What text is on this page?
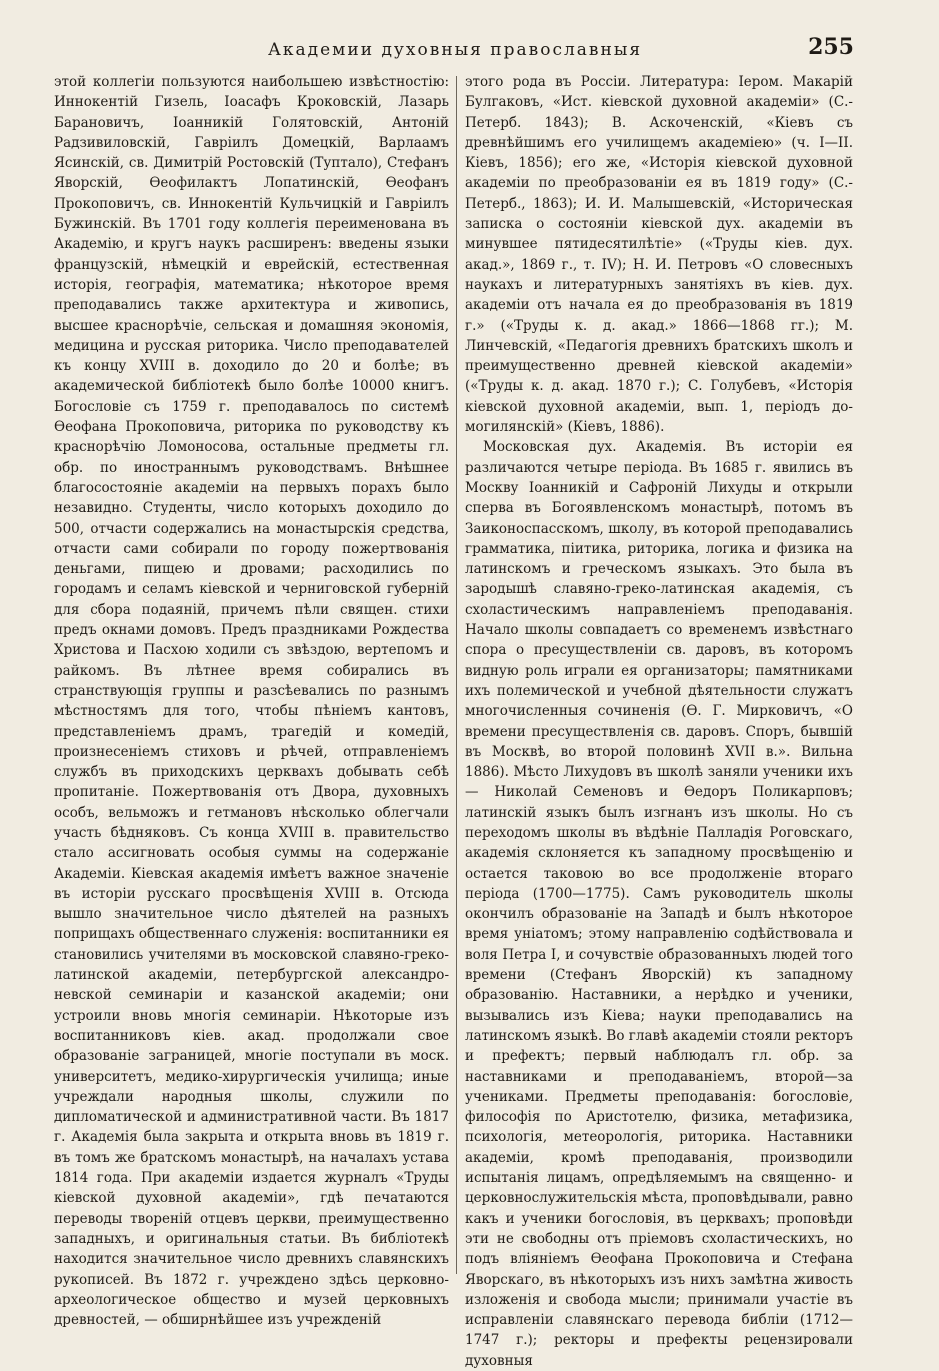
Академии духовныя православныя	255

этой коллегіи пользуются наибольшею извѣстностію: Иннокентій Гизель, Іоасафъ Кроковскій, Лазарь Барановичъ, Іоанникій Голятовскій, Антоній Радзивиловскій, Гавріилъ Домецкій, Варлаамъ Ясинскій, св. Димитрій Ростовскій (Туптало), Стефанъ Яворскій, Ѳеофилактъ Лопатинскій, Ѳеофанъ Прокоповичъ, св. Иннокентій Кульчицкій и Гавріилъ Бужинскій. Въ 1701 году коллегія переименована въ Академію, и кругъ наукъ расширенъ: введены языки французскій, нѣмецкій и еврейскій, естественная исторія, географія, математика; нѣкоторое время преподавались также архитектура и живопись, высшее краснорѣчіе, сельская и домашняя экономія, медицина и русская риторика. Число преподавателей къ концу XVIII в. доходило до 20 и болѣе; въ академической библіотекѣ было болѣе 10000 книгъ. Богословіе съ 1759 г. преподавалось по системѣ Ѳеофана Прокоповича, риторика по руководству къ краснорѣчію Ломоносова, остальные предметы гл. обр. по иностраннымъ руководствамъ. Внѣшнее благосостояніе академіи на первыхъ порахъ было незавидно. Студенты, число которыхъ доходило до 500, отчасти содержались на монастырскія средства, отчасти сами собирали по городу пожертвованія деньгами, пищею и дровами; расходились по городамъ и селамъ кіевской и черниговской губерній для сбора подаяній, причемъ пѣли священ. стихи предъ окнами домовъ. Предъ праздниками Рождества Христова и Пасхою ходили съ звѣздою, вертепомъ и райкомъ. Въ лѣтнее время собирались въ странствующія группы и разсѣевались по разнымъ мѣстностямъ для того, чтобы пѣніемъ кантовъ, представленіемъ драмъ, трагедій и комедій, произнесеніемъ стиховъ и рѣчей, отправленіемъ службъ въ приходскихъ церквахъ добывать себѣ пропитаніе. Пожертвованія отъ Двора, духовныхъ особъ, вельможъ и гетмановъ нѣсколько облегчали участь бѣдняковъ. Съ конца XVIII в. правительство стало ассигновать особыя суммы на содержаніе Академіи. Кіевская академія имѣетъ важное значеніе въ исторіи русскаго просвѣщенія XVIII в. Отсюда вышло значительное число дѣятелей на разныхъ поприщахъ общественнаго служенія: воспитанники ея становились учителями въ московской славяно-греко-латинской академіи, петербургской александро-невской семинаріи и казанской академіи; они устроили вновь многія семинаріи. Нѣкоторые изъ воспитанниковъ кіев. акад. продолжали свое образованіе заграницей, многіе поступали въ моск. университетъ, медико-хирургическія училища; иные учреждали народныя школы, служили по дипломатической и административной части. Въ 1817 г. Академія была закрыта и открыта вновь въ 1819 г. въ томъ же братскомъ монастырѣ, на началахъ устава 1814 года. При академіи издается журналъ «Труды кіевской духовной академіи», гдѣ печатаются переводы твореній отцевъ церкви, преимущественно западныхъ, и оригинальныя статьи. Въ библіотекѣ находится значительное число древнихъ славянскихъ рукописей. Въ 1872 г. учреждено здѣсь церковно-археологическое общество и музей церковныхъ древностей, — обширнѣйшее изъ учрежденій

этого рода въ Россіи. Литература: Іером. Макарій Булгаковъ, «Ист. кіевской духовной академіи» (С.-Петерб. 1843); В. Аскоченскій, «Кіевъ съ древнѣйшимъ его училищемъ академіею» (ч. I—II. Кіевъ, 1856); его же, «Исторія кіевской духовной академіи по преобразованіи ея въ 1819 году» (С.-Петерб., 1863); И. И. Малышевскій, «Историческая записка о состояніи кіевской дух. академіи въ минувшее пятидесятилѣтіе» («Труды кіев. дух. акад.», 1869 г., т. IV); Н. И. Петровъ «О словесныхъ наукахъ и литературныхъ занятіяхъ въ кіев. дух. академіи отъ начала ея до преобразованія въ 1819 г.» («Труды к. д. акад.» 1866—1868 гг.); М. Линчевскій, «Педагогія древнихъ братскихъ школъ и преимущественно древней кіевской академіи» («Труды к. д. акад. 1870 г.); С. Голубевъ, «Исторія кіевской духовной академіи, вып. 1, періодъ до-могилянскій» (Кіевъ, 1886).

Московская дух. Академія. Въ исторіи ея различаются четыре періода. Въ 1685 г. явились въ Москву Іоанникій и Сафроній Лихуды и открыли сперва въ Богоявленскомъ монастырѣ, потомъ въ Заиконоспасскомъ, школу, въ которой преподавались грамматика, піитика, риторика, логика и физика на латинскомъ и греческомъ языкахъ. Это была въ зародышѣ славяно-греко-латинская академія, съ схоластическимъ направленіемъ преподаванія. Начало школы совпадаетъ со временемъ извѣстнаго спора о пресуществленіи св. даровъ, въ которомъ видную роль играли ея организаторы; памятниками ихъ полемической и учебной дѣятельности служатъ многочисленныя сочиненія (Ѳ. Г. Мирковичъ, «О времени пресуществленія св. даровъ. Споръ, бывшій въ Москвѣ, во второй половинѣ XVII в.». Вильна 1886). Мѣсто Лихудовъ въ школѣ заняли ученики ихъ — Николай Семеновъ и Ѳедоръ Поликарповъ; латинскій языкъ былъ изгнанъ изъ школы. Но съ переходомъ школы въ вѣдѣніе Палладія Роговскаго, академія склоняется къ западному просвѣщенію и остается таковою во все продолженіе втораго періода (1700—1775). Самъ руководитель школы окончилъ образованіе на Западѣ и былъ нѣкоторое время уніатомъ; этому направленію содѣйствовала и воля Петра I, и сочувствіе образованныхъ людей того времени (Стефанъ Яворскій) къ западному образованію. Наставники, а нерѣдко и ученики, вызывались изъ Кіева; науки преподавались на латинскомъ языкѣ. Во главѣ академіи стояли ректоръ и префектъ; первый наблюдалъ гл. обр. за наставниками и преподаваніемъ, второй—за учениками. Предметы преподаванія: богословіе, философія по Аристотелю, физика, метафизика, психологія, метеорологія, риторика. Наставники академіи, кромѣ преподаванія, производили испытанія лицамъ, опредѣляемымъ на священно- и церковнослужительскія мѣста, проповѣдывали, равно какъ и ученики богословія, въ церквахъ; проповѣди эти не свободны отъ пріемовъ схоластическихъ, но подъ вліяніемъ Ѳеофана Прокоповича и Стефана Яворскаго, въ нѣкоторыхъ изъ нихъ замѣтна живость изложенія и свобода мысли; принимали участіе въ исправленіи славянскаго перевода библіи (1712—1747 г.); ректоры и префекты рецензировали духовныя
